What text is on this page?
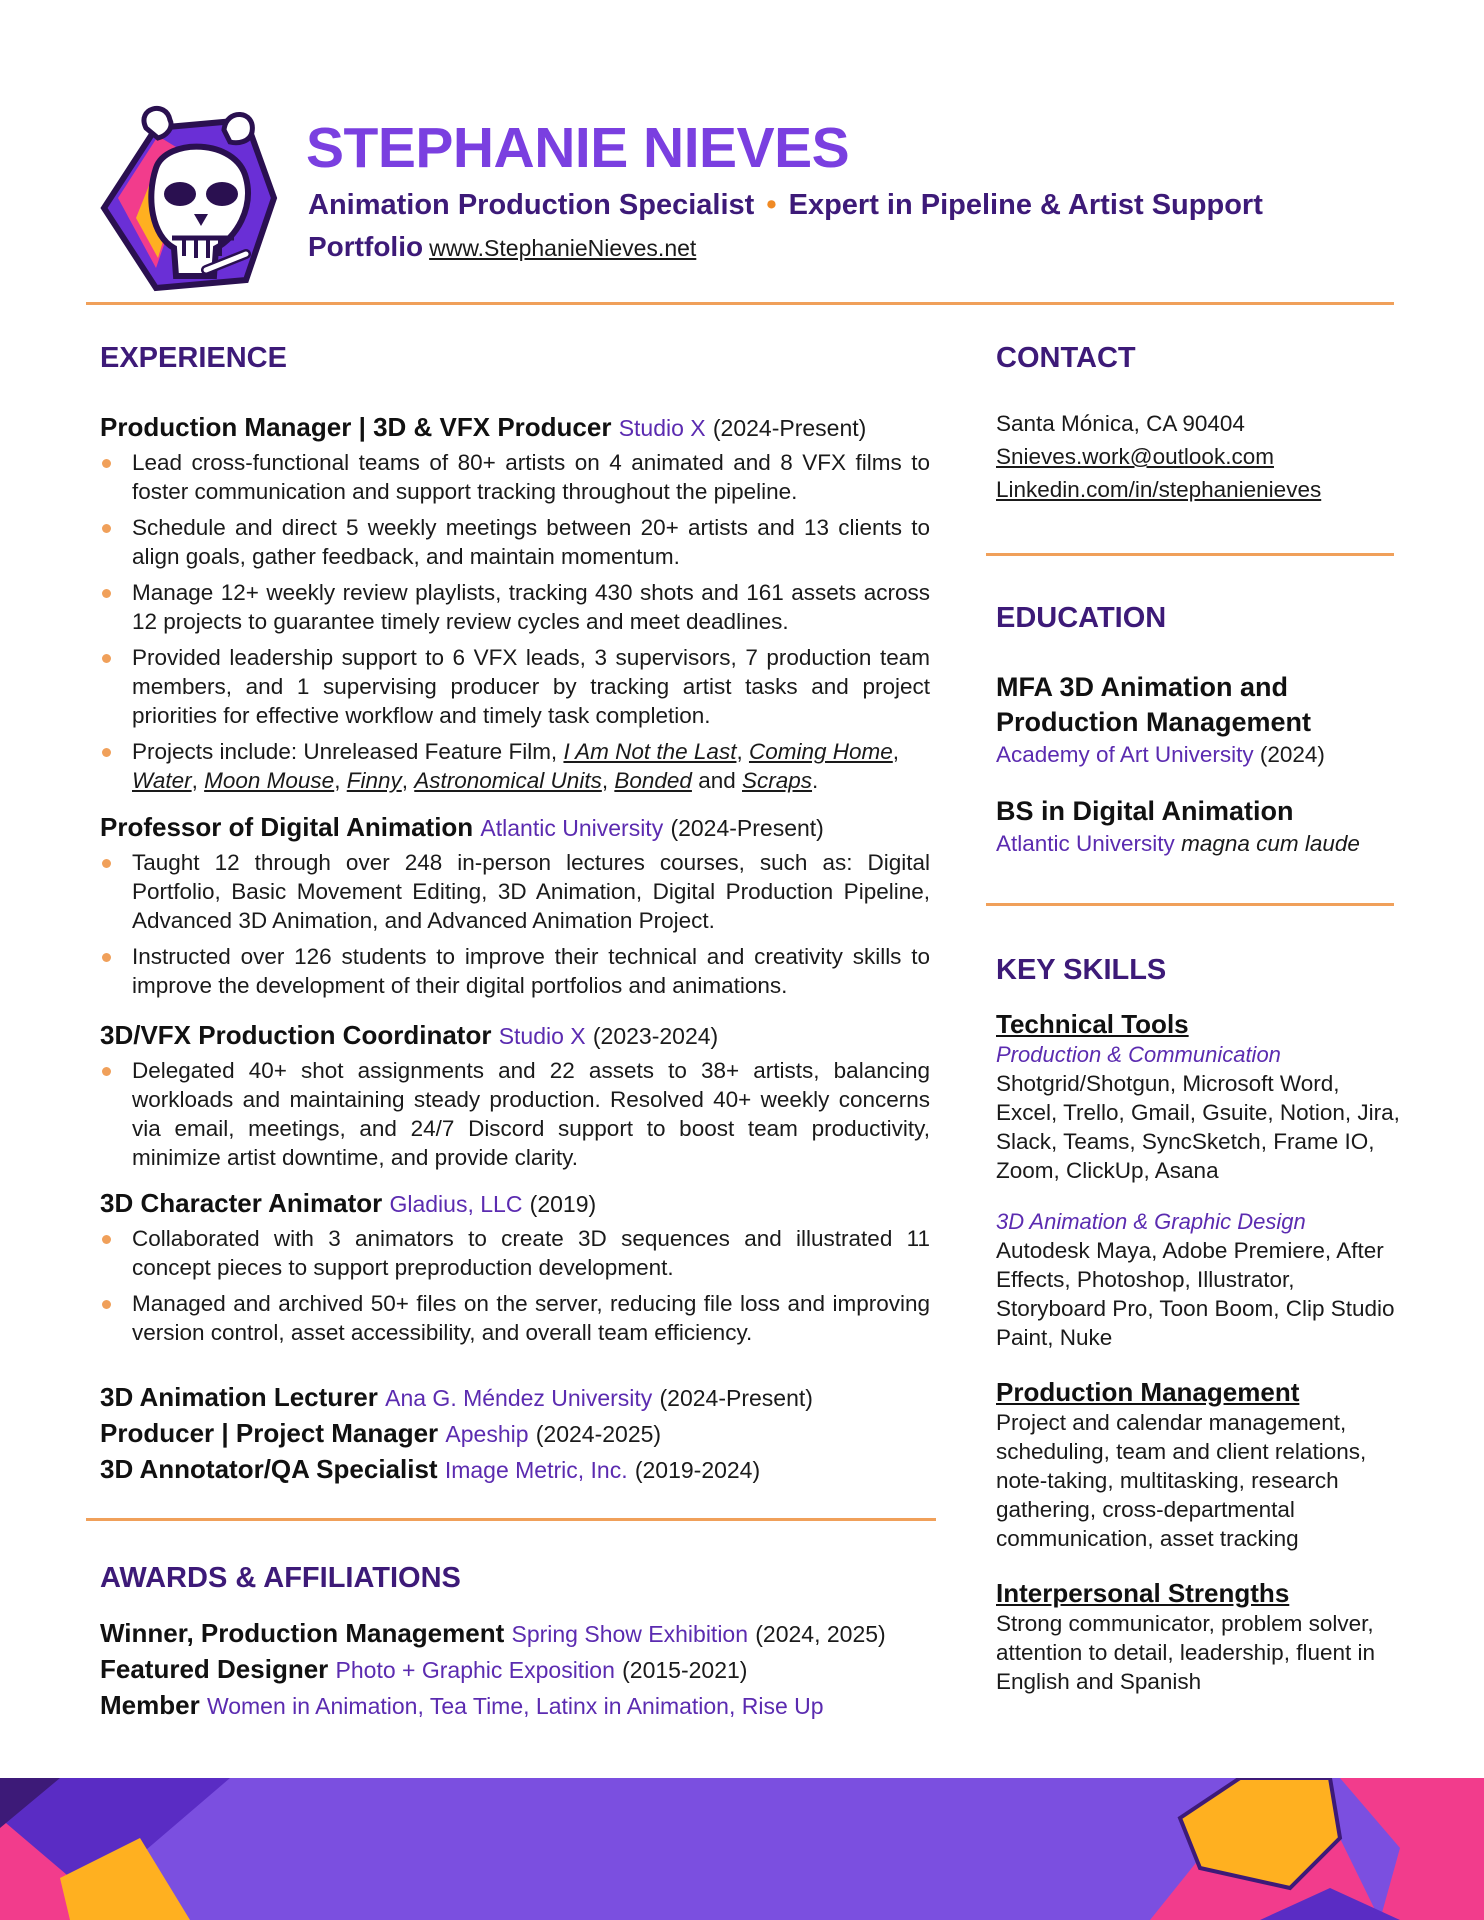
STEPHANIE NIEVES
Animation Production Specialist • Expert in Pipeline & Artist Support
Portfolio www.StephanieNieves.net
EXPERIENCE
Production Manager | 3D & VFX Producer Studio X (2024-Present)
Lead cross-functional teams of 80+ artists on 4 animated and 8 VFX films to foster communication and support tracking throughout the pipeline.
Schedule and direct 5 weekly meetings between 20+ artists and 13 clients to align goals, gather feedback, and maintain momentum.
Manage 12+ weekly review playlists, tracking 430 shots and 161 assets across 12 projects to guarantee timely review cycles and meet deadlines.
Provided leadership support to 6 VFX leads, 3 supervisors, 7 production team members, and 1 supervising producer by tracking artist tasks and project priorities for effective workflow and timely task completion.
Projects include: Unreleased Feature Film, I Am Not the Last, Coming Home, Water, Moon Mouse, Finny, Astronomical Units, Bonded and Scraps.
Professor of Digital Animation Atlantic University (2024-Present)
Taught 12 through over 248 in-person lectures courses, such as: Digital Portfolio, Basic Movement Editing, 3D Animation, Digital Production Pipeline, Advanced 3D Animation, and Advanced Animation Project.
Instructed over 126 students to improve their technical and creativity skills to improve the development of their digital portfolios and animations.
3D/VFX Production Coordinator Studio X (2023-2024)
Delegated 40+ shot assignments and 22 assets to 38+ artists, balancing workloads and maintaining steady production. Resolved 40+ weekly concerns via email, meetings, and 24/7 Discord support to boost team productivity, minimize artist downtime, and provide clarity.
3D Character Animator Gladius, LLC (2019)
Collaborated with 3 animators to create 3D sequences and illustrated 11 concept pieces to support preproduction development.
Managed and archived 50+ files on the server, reducing file loss and improving version control, asset accessibility, and overall team efficiency.
3D Animation Lecturer Ana G. Méndez University (2024-Present)
Producer | Project Manager Apeship (2024-2025)
3D Annotator/QA Specialist Image Metric, Inc. (2019-2024)
AWARDS & AFFILIATIONS
Winner, Production Management Spring Show Exhibition (2024, 2025)
Featured Designer Photo + Graphic Exposition (2015-2021)
Member Women in Animation, Tea Time, Latinx in Animation, Rise Up
CONTACT
Santa Mónica, CA 90404
Snieves.work@outlook.com
Linkedin.com/in/stephanienieves
EDUCATION
MFA 3D Animation and
Production Management
Academy of Art University (2024)
BS in Digital Animation
Atlantic University magna cum laude
KEY SKILLS
Technical Tools
Production & Communication
Shotgrid/Shotgun, Microsoft Word, Excel, Trello, Gmail, Gsuite, Notion, Jira, Slack, Teams, SyncSketch, Frame IO, Zoom, ClickUp, Asana
3D Animation & Graphic Design
Autodesk Maya, Adobe Premiere, After Effects, Photoshop, Illustrator, Storyboard Pro, Toon Boom, Clip Studio Paint, Nuke
Production Management
Project and calendar management, scheduling, team and client relations, note-taking, multitasking, research gathering, cross-departmental communication, asset tracking
Interpersonal Strengths
Strong communicator, problem solver, attention to detail, leadership, fluent in English and Spanish
